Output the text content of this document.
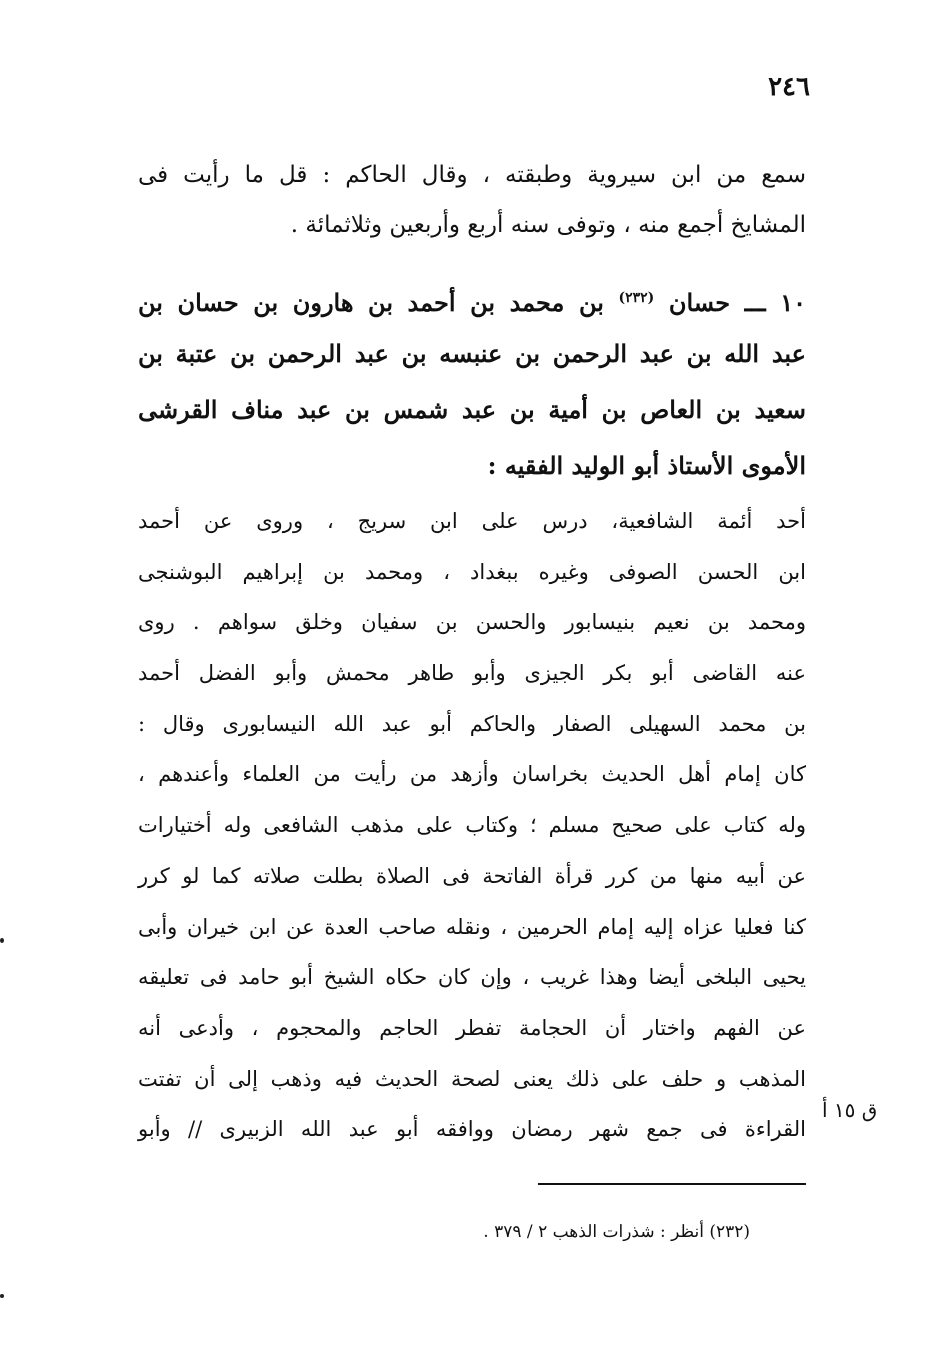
٢٤٦
سمع من ابن سيروية وطبقته ، وقال الحاكم : قل ما رأيت فى
المشايخ أجمع منه ، وتوفى سنه أربع وأربعين وثلاثمائة .
١٠ ـــ حسان $^{(٢٣٢)}$ بن محمد بن أحمد بن هارون بن حسان بن
عبد الله بن عبد الرحمن بن عنبسه بن عبد الرحمن بن عتبة بن
سعيد بن العاص بن أمية بن عبد شمس بن عبد مناف القرشى
الأموى الأستاذ أبو الوليد الفقيه :
أحد أئمة الشافعية، درس على ابن سريج ، وروى عن أحمد
ابن الحسن الصوفى وغيره ببغداد ، ومحمد بن إبراهيم البوشنجى
ومحمد بن نعيم بنيسابور والحسن بن سفيان وخلق سواهم . روى
عنه القاضى أبو بكر الجيزى وأبو طاهر محمش وأبو الفضل أحمد
بن محمد السهيلى الصفار والحاكم أبو عبد الله النيسابورى وقال :
كان إمام أهل الحديث بخراسان وأزهد من رأيت من العلماء وأعندهم ،
وله كتاب على صحيح مسلم ؛ وكتاب على مذهب الشافعى وله أختيارات
عن أبيه منها من كرر قرأة الفاتحة فى الصلاة بطلت صلاته كما لو كرر
كنا فعليا عزاه إليه إمام الحرمين ، ونقله صاحب العدة عن ابن خيران وأبى
يحيى البلخى أيضا وهذا غريب ، وإن كان حكاه الشيخ أبو حامد فى تعليقه
عن الفهم واختار أن الحجامة تفطر الحاجم والمحجوم ، وأدعى أنه
المذهب و حلف على ذلك يعنى لصحة الحديث فيه وذهب إلى أن تفتت
القراءة فى جمع شهر رمضان ووافقه أبو عبد الله الزبيرى // وأبو
ق ١٥ أ
(٢٣٢) أنظر : شذرات الذهب ٢ / ٣٧٩ .
